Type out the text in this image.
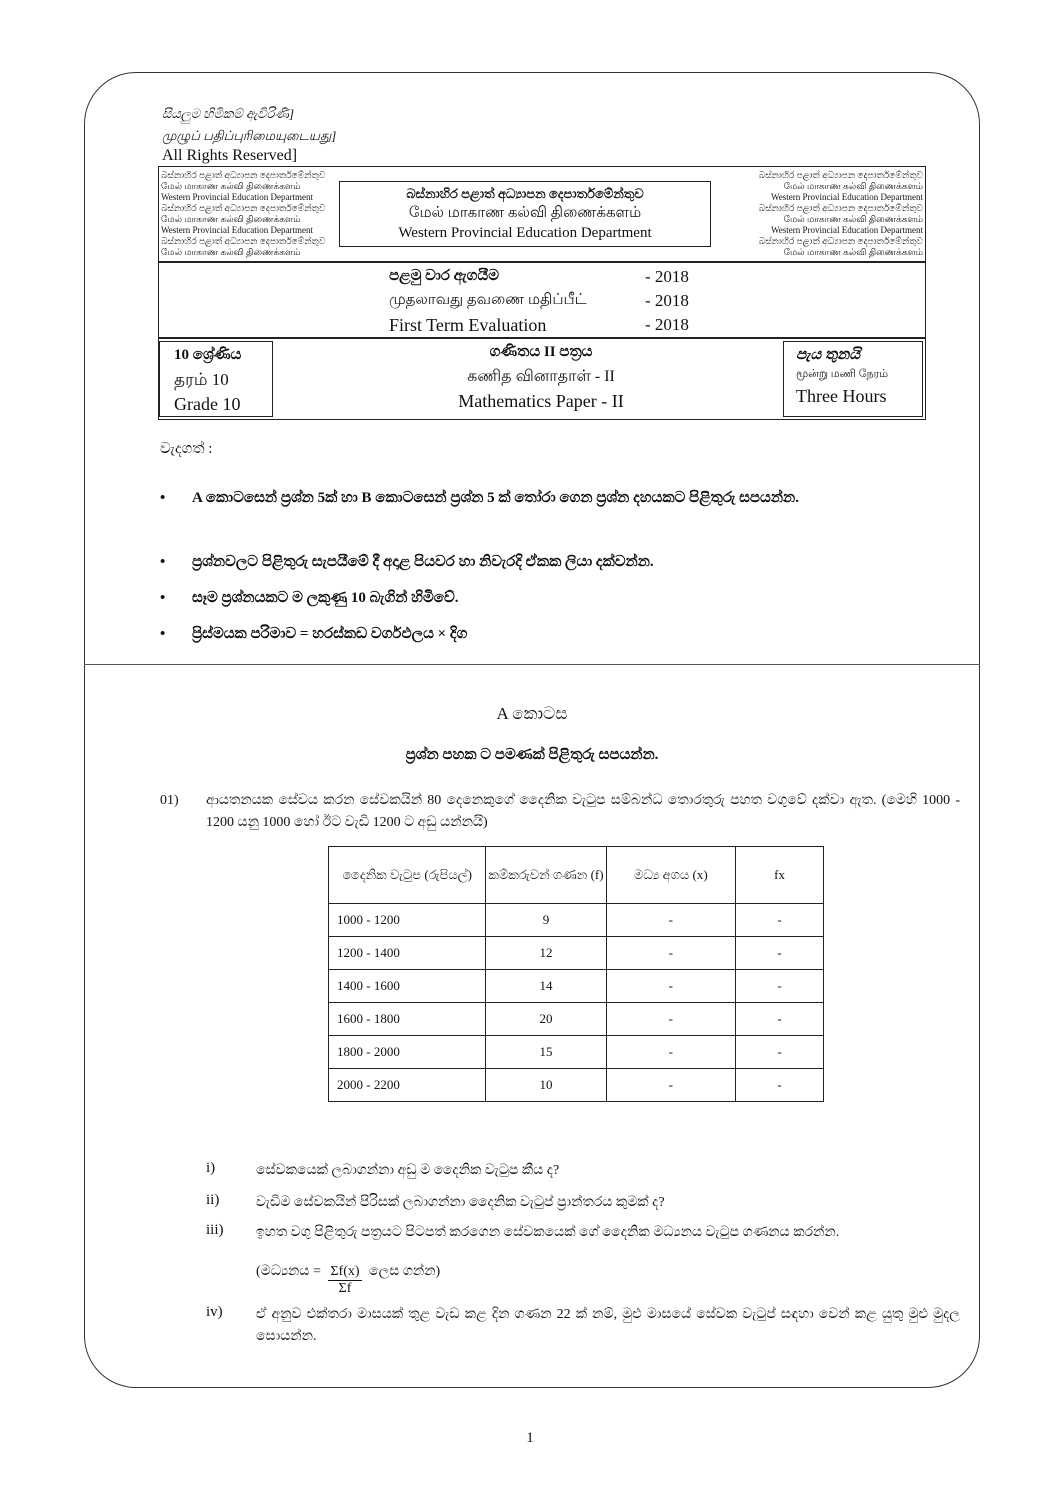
සියලුම හිමිකම් ඇවිරිණි]
முழுப் பதிப்புரிமையுடையது]
All Rights Reserved]
බස්නාහිර පළාත් අධ්‍යාපන දෙපාර්තමේන්තුව
மேல் மாகாண கல்வி திணைக்களம்
Western Provincial Education Department
බස්නාහිර පළාත් අධ්‍යාපන දෙපාර්තමේන්තුව
மேல் மாகாண கல்வி திணைக்களம்
Western Provincial Education Department
බස්නාහිර පළාත් අධ්‍යාපන දෙපාර්තමේන්තුව
மேல் மாகாண கல்வி திணைக்களம்
බස්නාහිර පළාත් අධ්‍යාපන දෙපාර්තමේන්තුව
மேல் மாகாண கல்வி திணைக்களம்
Western Provincial Education Department
බස්නාහිර පළාත් අධ්‍යාපන දෙපාර්තමේන්තුව
மேல் மாகாண கல்வி திணைக்களம்
Western Provincial Education Department
බස්නාහිර පළාත් අධ්‍යාපන දෙපාර්තමේන්තුව
மேல் மாகாண கல்வி திணைக்களம்
Western Provincial Education Department
බස්නාහිර පළාත් අධ්‍යාපන දෙපාර්තමේන්තුව
மேல் மாகாண கல்வி திணைக்களம்
පළමු වාර ඇගයීම	- 2018
முதலாவது தவணை மதிப்பீட்	- 2018
First Term Evaluation	- 2018
10 ශ්‍රේණිය
தரம் 10
Grade 10
ගණිතය II පත්‍රය
கணித வினாதாள் - II
Mathematics Paper - II
පැය තුනයි
மூன்று மணி நேரம்
Three Hours
වැදගත් :
• A කොටසෙන් ප්‍රශ්න 5ක් හා B කොටසෙන් ප්‍රශ්න 5 ක් තෝරා ගෙන ප්‍රශ්න දහයකට පිළිතුරු සපයන්න.
• ප්‍රශ්නවලට පිළිතුරු සැපයීමේ දී අදාළ පියවර හා නිවැරදි ඒකක ලියා දක්වන්න.
• සෑම ප්‍රශ්නයකට ම ලකුණු 10 බැගින් හිමිවේ.
• ප්‍රිස්මයක පරිමාව = හරස්කඩ වර්ගඵලය × දිග
A කොටස
ප්‍රශ්න පහක ට පමණක් පිළිතුරු සපයන්න.
01) ආයතනයක සේවය කරන සේවකයින් 80 දෙනෙකුගේ දෛනික වැටුප සම්බන්ධ තොරතුරු පහත වගුවේ දක්වා ඇත. (මෙහි 1000 - 1200 යනු 1000 හෝ ඊට වැඩි 1200 ට අඩු යන්නයි)
දෛනික වැටුප (රුපියල්)	කම්කරුවන් ගණන (f)	මධ්‍ය අගය (x)	fx
1000 - 1200	9	-	-
1200 - 1400	12	-	-
1400 - 1600	14	-	-
1600 - 1800	20	-	-
1800 - 2000	15	-	-
2000 - 2200	10	-	-
i)	සේවකයෙක් ලබාගන්නා අඩු ම දෛනික වැටුප කීය ද?
ii)	වැඩිම සේවකයින් පිරිසක් ලබාගන්නා දෛනික වැටුප් ප්‍රාන්තරය කුමක් ද?
iii) ඉහත වගු පිළිතුරු පත්‍රයට පිටපත් කරගෙන සේවකයෙක් ගේ දෛනික මධ්‍යනය වැටුප ගණනය කරන්න.
(මධ්‍යනය = $\frac{\Sigma f(x)}{\Sigma f}$ ලෙස ගන්න)
iv) ඒ අනුව එක්තරා මාසයක් තුළ වැඩ කළ දින ගණන 22 ක් නම්, මුළු මාසයේ සේවක වැටුප් සඳහා වෙන් කළ යුතු මුළු මුදල සොයන්න.
1
